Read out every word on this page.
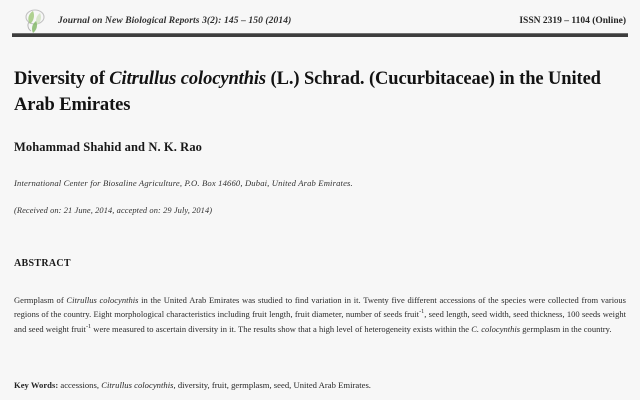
Journal on New Biological Reports 3(2): 145 – 150 (2014)	ISSN 2319 – 1104 (Online)
Diversity of Citrullus colocynthis (L.) Schrad. (Cucurbitaceae) in the United Arab Emirates
Mohammad Shahid and N. K. Rao
International Center for Biosaline Agriculture, P.O. Box 14660, Dubai, United Arab Emirates.
(Received on: 21 June, 2014, accepted on: 29 July, 2014)
ABSTRACT

Germplasm of Citrullus colocynthis in the United Arab Emirates was studied to find variation in it. Twenty five different accessions of the species were collected from various regions of the country. Eight morphological characteristics including fruit length, fruit diameter, number of seeds fruit$^{-1}$, seed length, seed width, seed thickness, 100 seeds weight and seed weight fruit$^{-1}$ were measured to ascertain diversity in it. The results show that a high level of heterogeneity exists within the C. colocynthis germplasm in the country.

Key Words: accessions, Citrullus colocynthis, diversity, fruit, germplasm, seed, United Arab Emirates.
